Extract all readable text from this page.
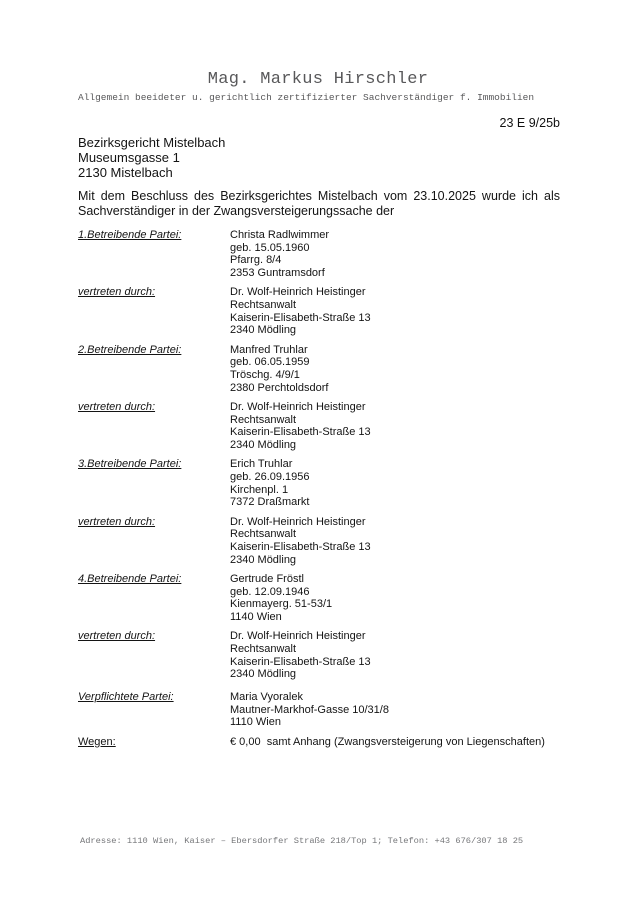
Mag. Markus Hirschler
Allgemein beeideter u. gerichtlich zertifizierter Sachverständiger f. Immobilien
23 E 9/25b
Bezirksgericht Mistelbach
Museumsgasse 1
2130 Mistelbach
Mit dem Beschluss des Bezirksgerichtes Mistelbach vom 23.10.2025 wurde ich als
Sachverständiger in der Zwangsversteigerungssache der
1.Betreibende Partei:	Christa Radlwimmer
geb. 15.05.1960
Pfarrg. 8/4
2353 Guntramsdorf
vertreten durch:	Dr. Wolf-Heinrich Heistinger
Rechtsanwalt
Kaiserin-Elisabeth-Straße 13
2340 Mödling
2.Betreibende Partei:	Manfred Truhlar
geb. 06.05.1959
Tröschg. 4/9/1
2380 Perchtoldsdorf
vertreten durch:	Dr. Wolf-Heinrich Heistinger
Rechtsanwalt
Kaiserin-Elisabeth-Straße 13
2340 Mödling
3.Betreibende Partei:	Erich Truhlar
geb. 26.09.1956
Kirchenpl. 1
7372 Draßmarkt
vertreten durch:	Dr. Wolf-Heinrich Heistinger
Rechtsanwalt
Kaiserin-Elisabeth-Straße 13
2340 Mödling
4.Betreibende Partei:	Gertrude Fröstl
geb. 12.09.1946
Kienmayerg. 51-53/1
1140 Wien
vertreten durch:	Dr. Wolf-Heinrich Heistinger
Rechtsanwalt
Kaiserin-Elisabeth-Straße 13
2340 Mödling
Verpflichtete Partei:	Maria Vyoralek
Mautner-Markhof-Gasse 10/31/8
1110 Wien
Wegen:	€ 0,00  samt Anhang (Zwangsversteigerung von Liegenschaften)
Adresse: 1110 Wien, Kaiser – Ebersdorfer Straße 218/Top 1; Telefon: +43 676/307 18 25
